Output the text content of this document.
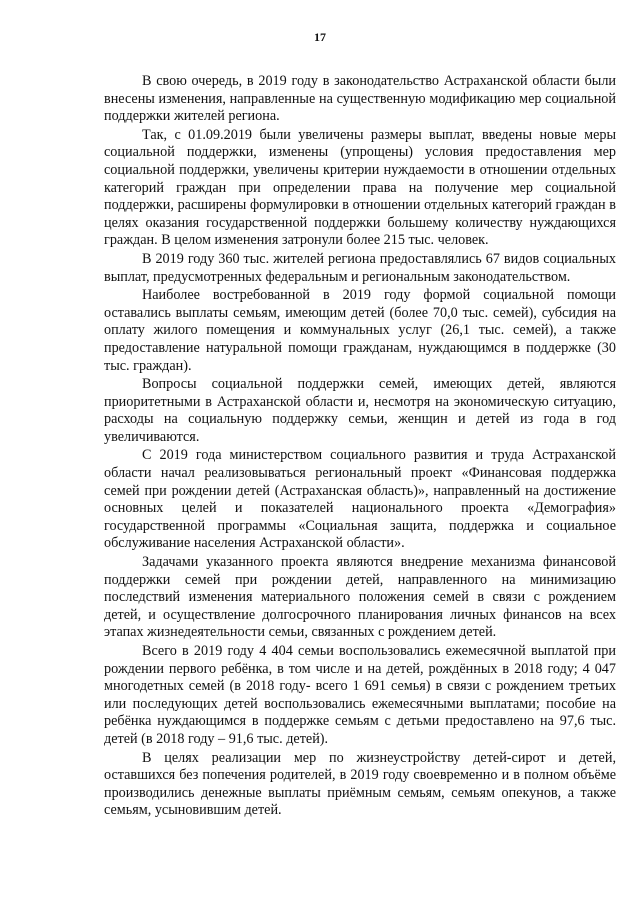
17

В свою очередь, в 2019 году в законодательство Астраханской области были внесены изменения, направленные на существенную модификацию мер социальной поддержки жителей региона.

Так, с 01.09.2019 были увеличены размеры выплат, введены новые меры социальной поддержки, изменены (упрощены) условия предоставления мер социальной поддержки, увеличены критерии нуждаемости в отношении отдельных категорий граждан при определении права на получение мер социальной поддержки, расширены формулировки в отношении отдельных категорий граждан в целях оказания государственной поддержки большему количеству нуждающихся граждан. В целом изменения затронули более 215 тыс. человек.

В 2019 году 360 тыс. жителей региона предоставлялись 67 видов социальных выплат, предусмотренных федеральным и региональным законодательством.

Наиболее востребованной в 2019 году формой социальной помощи оставались выплаты семьям, имеющим детей (более 70,0 тыс. семей), субсидия на оплату жилого помещения и коммунальных услуг (26,1 тыс. семей), а также предоставление натуральной помощи гражданам, нуждающимся в поддержке (30 тыс. граждан).

Вопросы социальной поддержки семей, имеющих детей, являются приоритетными в Астраханской области и, несмотря на экономическую ситуацию, расходы на социальную поддержку семьи, женщин и детей из года в год увеличиваются.

С 2019 года министерством социального развития и труда Астраханской области начал реализовываться региональный проект «Финансовая поддержка семей при рождении детей (Астраханская область)», направленный на достижение основных целей и показателей национального проекта «Демография» государственной программы «Социальная защита, поддержка и социальное обслуживание населения Астраханской области».

Задачами указанного проекта являются внедрение механизма финансовой поддержки семей при рождении детей, направленного на минимизацию последствий изменения материального положения семей в связи с рождением детей, и осуществление долгосрочного планирования личных финансов на всех этапах жизнедеятельности семьи, связанных с рождением детей.

Всего в 2019 году 4 404 семьи воспользовались ежемесячной выплатой при рождении первого ребёнка, в том числе и на детей, рождённых в 2018 году; 4 047 многодетных семей (в 2018 году- всего 1 691 семья) в связи с рождением третьих или последующих детей воспользовались ежемесячными выплатами; пособие на ребёнка нуждающимся в поддержке семьям с детьми предоставлено на 97,6 тыс. детей (в 2018 году – 91,6 тыс. детей).

В целях реализации мер по жизнеустройству детей-сирот и детей, оставшихся без попечения родителей, в 2019 году своевременно и в полном объёме производились денежные выплаты приёмным семьям, семьям опекунов, а также семьям, усыновившим детей.
